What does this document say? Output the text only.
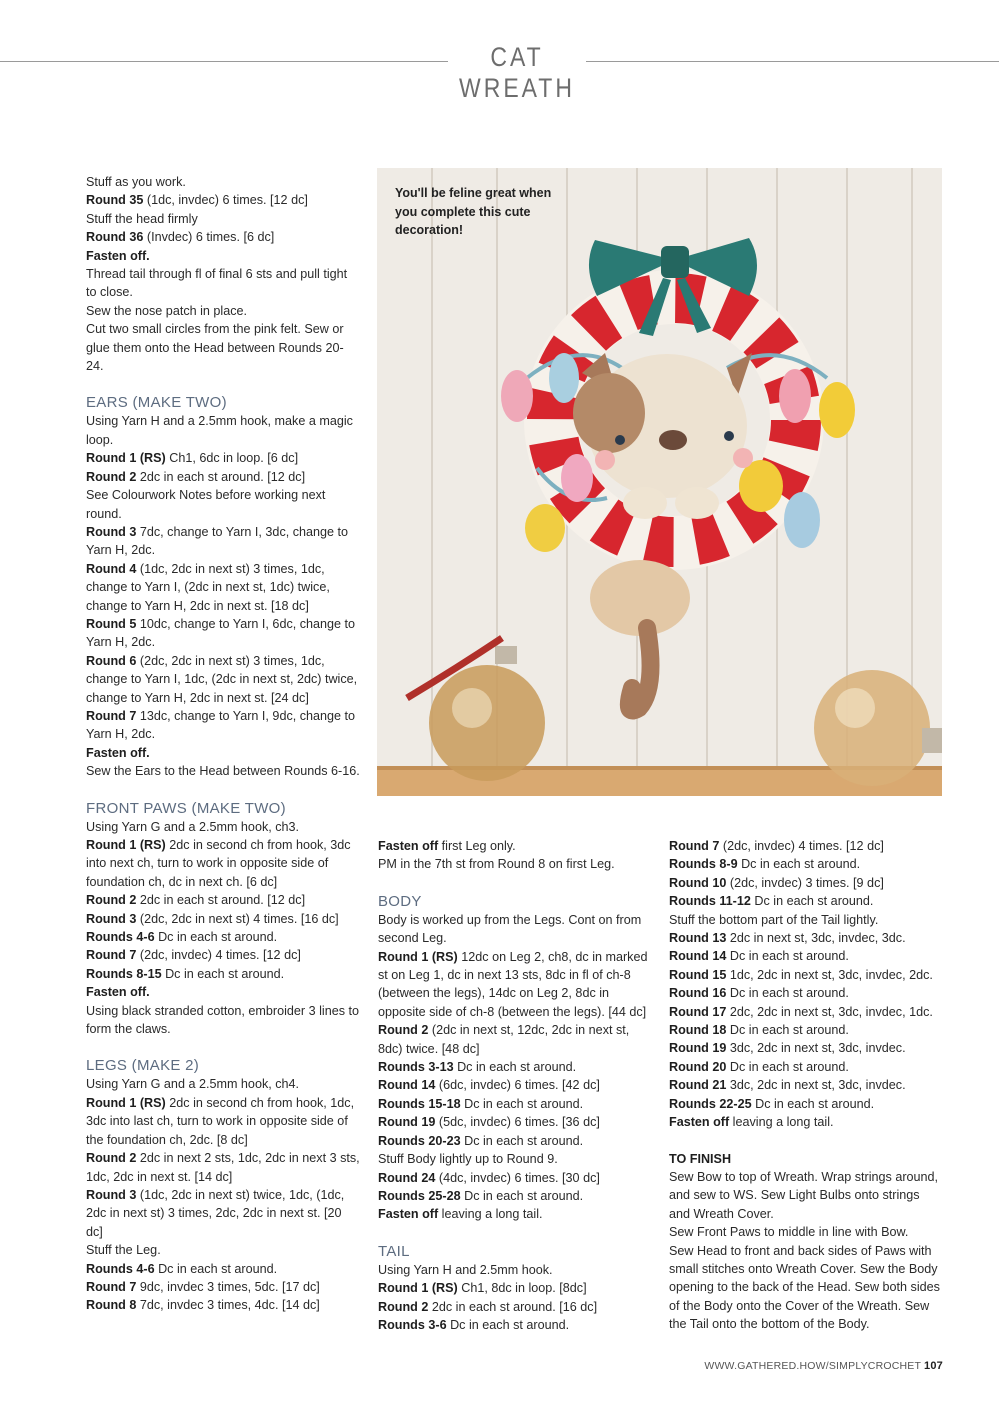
CAT WREATH

Stuff as you work.

Round 35 (1dc, invdec) 6 times. [12 dc]

Stuff the head firmly

Round 36 (Invdec) 6 times. [6 dc]

Fasten off.

Thread tail through fl of final 6 sts and pull tight to close.

Sew the nose patch in place.

Cut two small circles from the pink felt. Sew or glue them onto the Head between Rounds 20-24.

EARS (MAKE TWO)

Using Yarn H and a 2.5mm hook, make a magic loop.

Round 1 (RS) Ch1, 6dc in loop. [6 dc]

Round 2 2dc in each st around. [12 dc]

See Colourwork Notes before working next round.

Round 3 7dc, change to Yarn I, 3dc, change to Yarn H, 2dc.

Round 4 (1dc, 2dc in next st) 3 times, 1dc, change to Yarn I, (2dc in next st, 1dc) twice, change to Yarn H, 2dc in next st. [18 dc]

Round 5 10dc, change to Yarn I, 6dc, change to Yarn H, 2dc.

Round 6 (2dc, 2dc in next st) 3 times, 1dc, change to Yarn I, 1dc, (2dc in next st, 2dc) twice, change to Yarn H, 2dc in next st. [24 dc]

Round 7 13dc, change to Yarn I, 9dc, change to Yarn H, 2dc.

Fasten off.

Sew the Ears to the Head between Rounds 6-16.

FRONT PAWS (MAKE TWO)

Using Yarn G and a 2.5mm hook, ch3.

Round 1 (RS) 2dc in second ch from hook, 3dc into next ch, turn to work in opposite side of foundation ch, dc in next ch. [6 dc]

Round 2 2dc in each st around. [12 dc]

Round 3 (2dc, 2dc in next st) 4 times. [16 dc]

Rounds 4-6 Dc in each st around.

Round 7 (2dc, invdec) 4 times. [12 dc]

Rounds 8-15 Dc in each st around.

Fasten off.

Using black stranded cotton, embroider 3 lines to form the claws.

LEGS (MAKE 2)

Using Yarn G and a 2.5mm hook, ch4.

Round 1 (RS) 2dc in second ch from hook, 1dc, 3dc into last ch, turn to work in opposite side of the foundation ch, 2dc. [8 dc]

Round 2 2dc in next 2 sts, 1dc, 2dc in next 3 sts, 1dc, 2dc in next st. [14 dc]

Round 3 (1dc, 2dc in next st) twice, 1dc, (1dc, 2dc in next st) 3 times, 2dc, 2dc in next st. [20 dc]

Stuff the Leg.

Rounds 4-6 Dc in each st around.

Round 7 9dc, invdec 3 times, 5dc. [17 dc]

Round 8 7dc, invdec 3 times, 4dc. [14 dc]

You'll be feline great when you complete this cute decoration!

Fasten off first Leg only.

PM in the 7th st from Round 8 on first Leg.

BODY

Body is worked up from the Legs. Cont on from second Leg.

Round 1 (RS) 12dc on Leg 2, ch8, dc in marked st on Leg 1, dc in next 13 sts, 8dc in fl of ch-8 (between the legs), 14dc on Leg 2, 8dc in opposite side of ch-8 (between the legs). [44 dc]

Round 2 (2dc in next st, 12dc, 2dc in next st, 8dc) twice. [48 dc]

Rounds 3-13 Dc in each st around.

Round 14 (6dc, invdec) 6 times. [42 dc]

Rounds 15-18 Dc in each st around.

Round 19 (5dc, invdec) 6 times. [36 dc]

Rounds 20-23 Dc in each st around.

Stuff Body lightly up to Round 9.

Round 24 (4dc, invdec) 6 times. [30 dc]

Rounds 25-28 Dc in each st around.

Fasten off leaving a long tail.

TAIL

Using Yarn H and 2.5mm hook.

Round 1 (RS) Ch1, 8dc in loop. [8dc]

Round 2 2dc in each st around. [16 dc]

Rounds 3-6 Dc in each st around.

Round 7 (2dc, invdec) 4 times. [12 dc]

Rounds 8-9 Dc in each st around.

Round 10 (2dc, invdec) 3 times. [9 dc]

Rounds 11-12 Dc in each st around.

Stuff the bottom part of the Tail lightly.

Round 13 2dc in next st, 3dc, invdec, 3dc.

Round 14 Dc in each st around.

Round 15 1dc, 2dc in next st, 3dc, invdec, 2dc.

Round 16 Dc in each st around.

Round 17 2dc, 2dc in next st, 3dc, invdec, 1dc.

Round 18 Dc in each st around.

Round 19 3dc, 2dc in next st, 3dc, invdec.

Round 20 Dc in each st around.

Round 21 3dc, 2dc in next st, 3dc, invdec.

Rounds 22-25 Dc in each st around.

Fasten off leaving a long tail.

TO FINISH

Sew Bow to top of Wreath. Wrap strings around, and sew to WS. Sew Light Bulbs onto strings and Wreath Cover.

Sew Front Paws to middle in line with Bow.

Sew Head to front and back sides of Paws with small stitches onto Wreath Cover. Sew the Body opening to the back of the Head. Sew both sides of the Body onto the Cover of the Wreath. Sew the Tail onto the bottom of the Body.

WWW.GATHERED.HOW/SIMPLYCROCHET 107
